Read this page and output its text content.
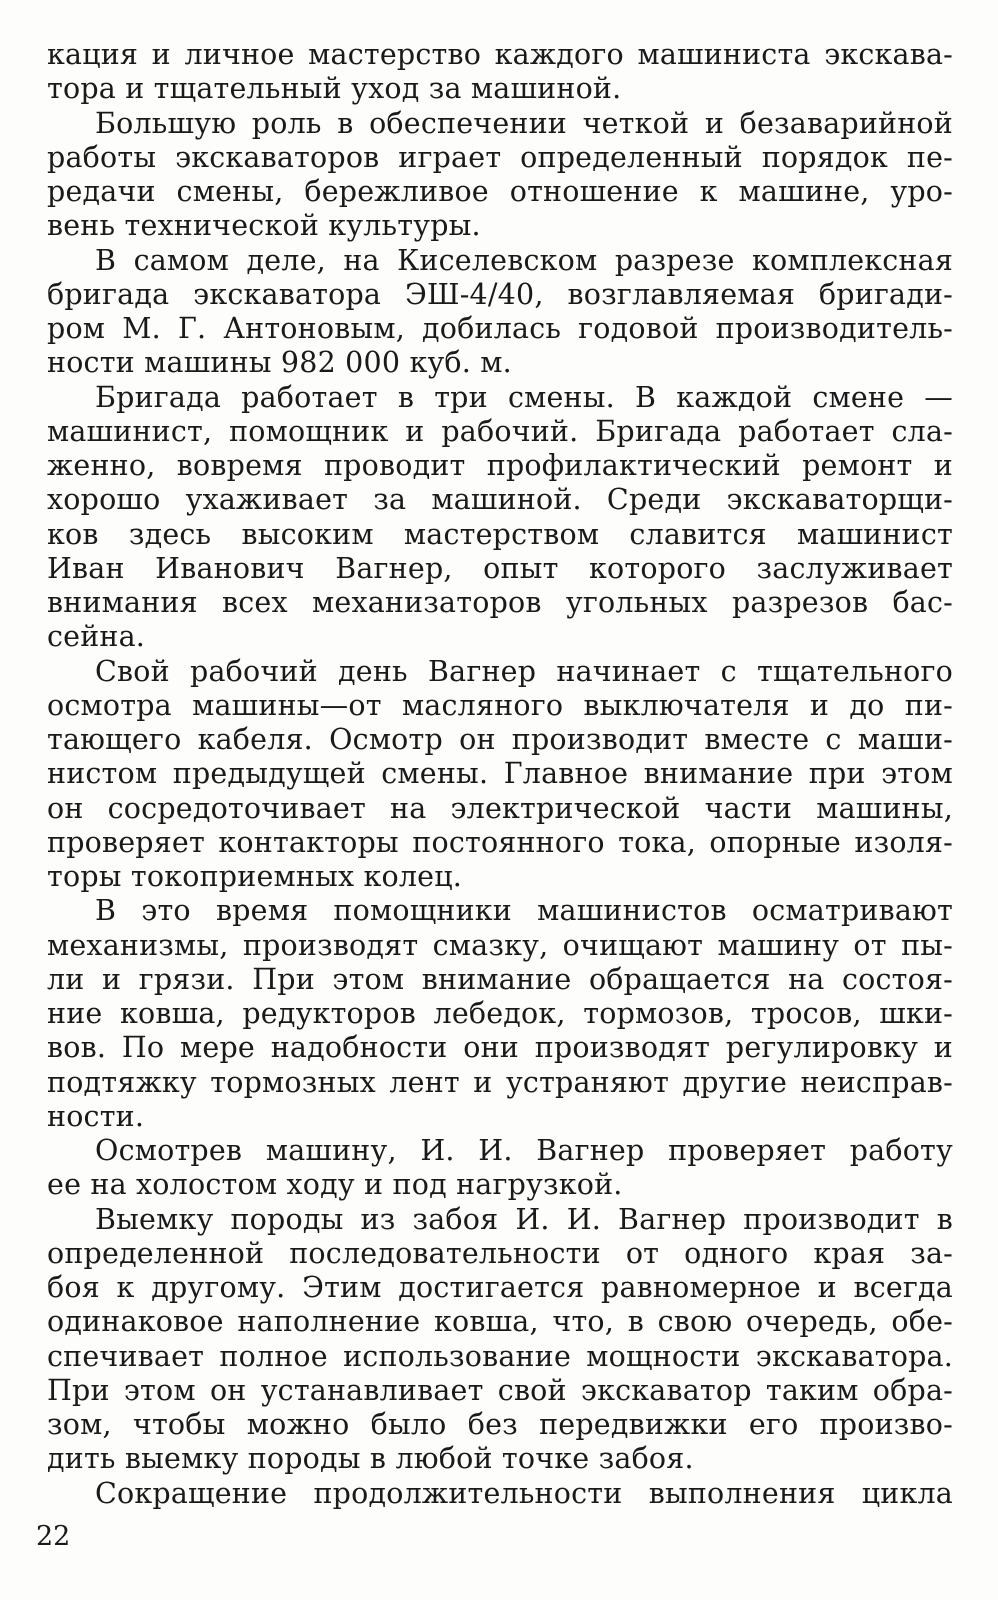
кация и личное мастерство каждого машиниста экскава-
тора и тщательный уход за машиной.
Большую роль в обеспечении четкой и безаварийной
работы экскаваторов играет определенный порядок пе-
редачи смены, бережливое отношение к машине, уро-
вень технической культуры.
В самом деле, на Киселевском разрезе комплексная
бригада экскаватора ЭШ-4/40, возглавляемая бригади-
ром М. Г. Антоновым, добилась годовой производитель-
ности машины 982 000 куб. м.
Бригада работает в три смены. В каждой смене —
машинист, помощник и рабочий. Бригада работает сла-
женно, вовремя проводит профилактический ремонт и
хорошо ухаживает за машиной. Среди экскаваторщи-
ков здесь высоким мастерством славится машинист
Иван Иванович Вагнер, опыт которого заслуживает
внимания всех механизаторов угольных разрезов бас-
сейна.
Свой рабочий день Вагнер начинает с тщательного
осмотра машины—от масляного выключателя и до пи-
тающего кабеля. Осмотр он производит вместе с маши-
нистом предыдущей смены. Главное внимание при этом
он сосредоточивает на электрической части машины,
проверяет контакторы постоянного тока, опорные изоля-
торы токоприемных колец.
В это время помощники машинистов осматривают
механизмы, производят смазку, очищают машину от пы-
ли и грязи. При этом внимание обращается на состоя-
ние ковша, редукторов лебедок, тормозов, тросов, шки-
вов. По мере надобности они производят регулировку и
подтяжку тормозных лент и устраняют другие неисправ-
ности.
Осмотрев машину, И. И. Вагнер проверяет работу
ее на холостом ходу и под нагрузкой.
Выемку породы из забоя И. И. Вагнер производит в
определенной последовательности от одного края за-
боя к другому. Этим достигается равномерное и всегда
одинаковое наполнение ковша, что, в свою очередь, обе-
спечивает полное использование мощности экскаватора.
При этом он устанавливает свой экскаватор таким обра-
зом, чтобы можно было без передвижки его произво-
дить выемку породы в любой точке забоя.
Сокращение продолжительности выполнения цикла
22
